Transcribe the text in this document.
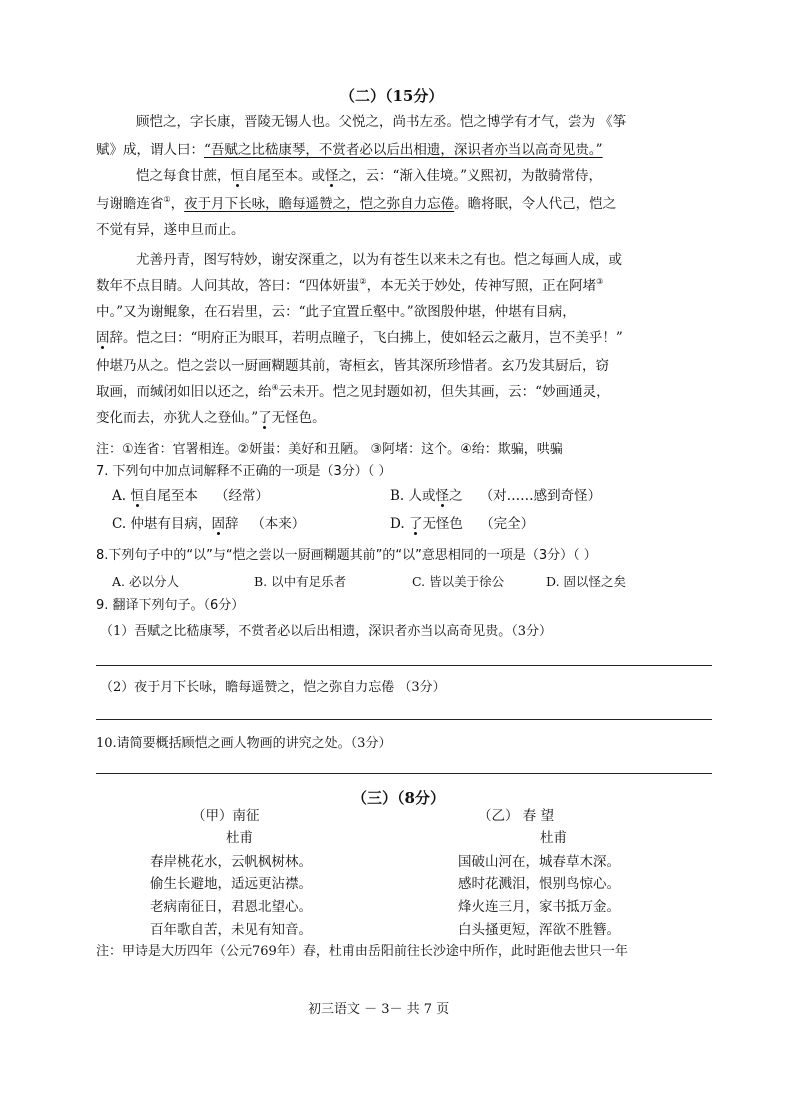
（二）（15分）
顾恺之，字长康，晋陵无锡人也。父悦之，尚书左丞。恺之博学有才气，尝为 《筝
赋》成，谓人曰：“吾赋之比嵇康琴，不赏者必以后出相遗，深识者亦当以高奇见贵。”
恺之每食甘蔗，恒自尾至本。或怪之，云：“渐入佳境。”义熙初，为散骑常侍，
与谢瞻连省①，夜于月下长咏，瞻每遥赞之，恺之弥自力忘倦。瞻将眠，令人代己，恺之
不觉有异，遂申旦而止。
尤善丹青，图写特妙，谢安深重之，以为有苍生以来未之有也。恺之每画人成，或
数年不点目睛。人问其故，答曰：“四体妍蚩②，本无关于妙处，传神写照，正在阿堵③
中。”又为谢鲲象，在石岩里，云：“此子宜置丘壑中。”欲图殷仲堪，仲堪有目病，
固辞。恺之曰：“明府正为眼耳，若明点瞳子，飞白拂上，使如轻云之蔽月，岂不美乎！”
仲堪乃从之。恺之尝以一厨画糊题其前，寄桓玄，皆其深所珍惜者。玄乃发其厨后，窃
取画，而缄闭如旧以还之，绐④云未开。恺之见封题如初，但失其画，云：“妙画通灵，
变化而去，亦犹人之登仙。”了无怪色。
注：①连省：官署相连。②妍蚩：美好和丑陋。 ③阿堵：这个。④绐：欺骗，哄骗
7. 下列句中加点词解释不正确的一项是（3分）（ ）
A. 恒自尾至本 （经常）	B. 人或怪之 （对……感到奇怪）
C. 仲堪有目病，固辞 （本来）	D. 了无怪色 （完全）
8.下列句子中的“以”与“恺之尝以一厨画糊题其前”的“以”意思相同的一项是（3分）（ ）
A. 必以分人	B. 以中有足乐者	C. 皆以美于徐公	D. 固以怪之矣
9. 翻译下列句子。（6分）
（1）吾赋之比嵇康琴，不赏者必以后出相遗，深识者亦当以高奇见贵。（3分）
（2）夜于月下长咏，瞻每遥赞之，恺之弥自力忘倦 （3分）
10.请简要概括顾恺之画人物画的讲究之处。（3分）
（三）（8分）
（甲）南征
杜甫
春岸桃花水，云帆枫树林。
偷生长避地，适远更沾襟。
老病南征日，君恩北望心。
百年歌自苦，未见有知音。
（乙） 春 望
杜甫
国破山河在，城春草木深。
感时花溅泪，恨别鸟惊心。
烽火连三月，家书抵万金。
白头搔更短，浑欲不胜簪。
注：甲诗是大历四年（公元769年）春，杜甫由岳阳前往长沙途中所作，此时距他去世只一年
初三语文 － 3－ 共 7 页
